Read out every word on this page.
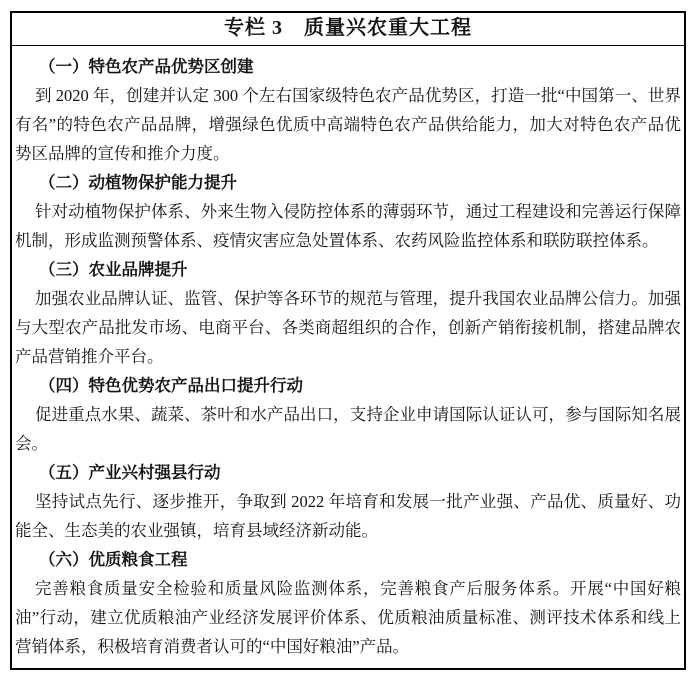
专栏 3　质量兴农重大工程

（一）特色农产品优势区创建

到 2020 年，创建并认定 300 个左右国家级特色农产品优势区，打造一批“中国第一、世界有名”的特色农产品品牌，增强绿色优质中高端特色农产品供给能力，加大对特色农产品优势区品牌的宣传和推介力度。

（二）动植物保护能力提升

针对动植物保护体系、外来生物入侵防控体系的薄弱环节，通过工程建设和完善运行保障机制，形成监测预警体系、疫情灾害应急处置体系、农药风险监控体系和联防联控体系。

（三）农业品牌提升

加强农业品牌认证、监管、保护等各环节的规范与管理，提升我国农业品牌公信力。加强与大型农产品批发市场、电商平台、各类商超组织的合作，创新产销衔接机制，搭建品牌农产品营销推介平台。

（四）特色优势农产品出口提升行动

促进重点水果、蔬菜、茶叶和水产品出口，支持企业申请国际认证认可，参与国际知名展会。

（五）产业兴村强县行动

坚持试点先行、逐步推开，争取到 2022 年培育和发展一批产业强、产品优、质量好、功能全、生态美的农业强镇，培育县域经济新动能。

（六）优质粮食工程

完善粮食质量安全检验和质量风险监测体系，完善粮食产后服务体系。开展“中国好粮油”行动，建立优质粮油产业经济发展评价体系、优质粮油质量标准、测评技术体系和线上营销体系，积极培育消费者认可的“中国好粮油”产品。
